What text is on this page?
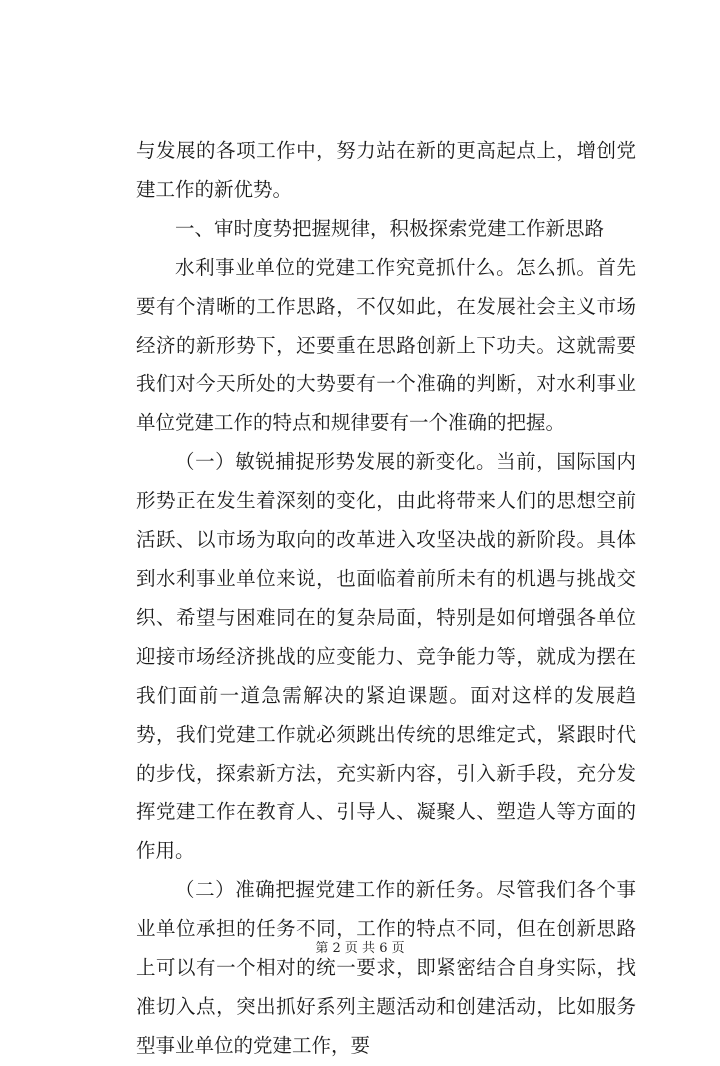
与发展的各项工作中，努力站在新的更高起点上，增创党建工作的新优势。

一、审时度势把握规律，积极探索党建工作新思路

水利事业单位的党建工作究竟抓什么。怎么抓。首先要有个清晰的工作思路，不仅如此，在发展社会主义市场经济的新形势下，还要重在思路创新上下功夫。这就需要我们对今天所处的大势要有一个准确的判断，对水利事业单位党建工作的特点和规律要有一个准确的把握。

（一）敏锐捕捉形势发展的新变化。当前，国际国内形势正在发生着深刻的变化，由此将带来人们的思想空前活跃、以市场为取向的改革进入攻坚决战的新阶段。具体到水利事业单位来说，也面临着前所未有的机遇与挑战交织、希望与困难同在的复杂局面，特别是如何增强各单位迎接市场经济挑战的应变能力、竞争能力等，就成为摆在我们面前一道急需解决的紧迫课题。面对这样的发展趋势，我们党建工作就必须跳出传统的思维定式，紧跟时代的步伐，探索新方法，充实新内容，引入新手段，充分发挥党建工作在教育人、引导人、凝聚人、塑造人等方面的作用。

（二）准确把握党建工作的新任务。尽管我们各个事业单位承担的任务不同，工作的特点不同，但在创新思路上可以有一个相对的统一要求，即紧密结合自身实际，找准切入点，突出抓好系列主题活动和创建活动，比如服务型事业单位的党建工作，要

第 2 页 共 6 页
